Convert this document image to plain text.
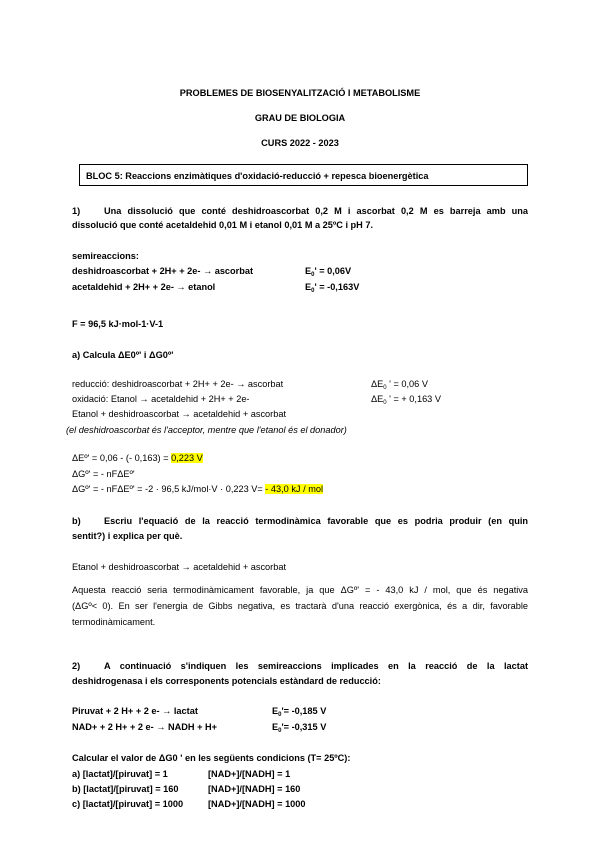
PROBLEMES DE BIOSENYALITZACIÓ I METABOLISME
GRAU DE BIOLOGIA
CURS 2022 - 2023
BLOC 5: Reaccions enzimàtiques d'oxidació-reducció + repesca bioenergètica
1)	Una dissolució que conté deshidroascorbat 0,2 M i ascorbat 0,2 M es barreja amb una
dissolució que conté acetaldehid 0,01 M i etanol 0,01 M a 25ºC i pH 7.
semireaccions:
deshidroascorbat + 2H+ + 2e- → ascorbat	$E_0' = 0,06V$
acetaldehid + 2H+ + 2e- → etanol	$E_0' = -0,163V$
F = 96,5 kJ·mol-1·V-1
a) Calcula ΔE0º' i ΔG0º'
reducció: deshidroascorbat + 2H+ + 2e- → ascorbat	$\Delta E_0$ ' = 0,06 V
oxidació: Etanol → acetaldehid + 2H+ + 2e-	$\Delta E_0$ ' = + 0,163 V
Etanol + deshidroascorbat → acetaldehid + ascorbat
(el deshidroascorbat és l'acceptor, mentre que l'etanol és el donador)
ΔEº' = 0,06 - (- 0,163) = 0,223 V
ΔGº' = - nFΔEº'
ΔGº' = - nFΔEº' = -2 · 96,5 kJ/mol·V · 0,223 V= - 43,0 kJ / mol
b)	Escriu l'equació de la reacció termodinàmica favorable que es podria produir (en quin
sentit?) i explica per què.
Etanol + deshidroascorbat → acetaldehid + ascorbat
Aquesta reacció seria termodinàmicament favorable, ja que ΔGº' = - 43,0 kJ / mol, que és negativa
(ΔGº< 0). En ser l'energia de Gibbs negativa, es tractarà d'una reacció exergònica, és a dir, favorable
termodinàmicament.
2)	A continuació s'indiquen les semireaccions implicades en la reacció de la lactat
deshidrogenasa i els corresponents potencials estàndard de reducció:
Piruvat + 2 H+ + 2 e- → lactat	$E_0'= -0,185$ V
NAD+ + 2 H+ + 2 e- → NADH + H+	$E_0'= -0,315$ V
Calcular el valor de ΔG0 ' en les següents condicions (T= 25ºC):
a) [lactat]/[piruvat] = 1	[NAD+]/[NADH] = 1
b) [lactat]/[piruvat] = 160	[NAD+]/[NADH] = 160
c) [lactat]/[piruvat] = 1000	[NAD+]/[NADH] = 1000
